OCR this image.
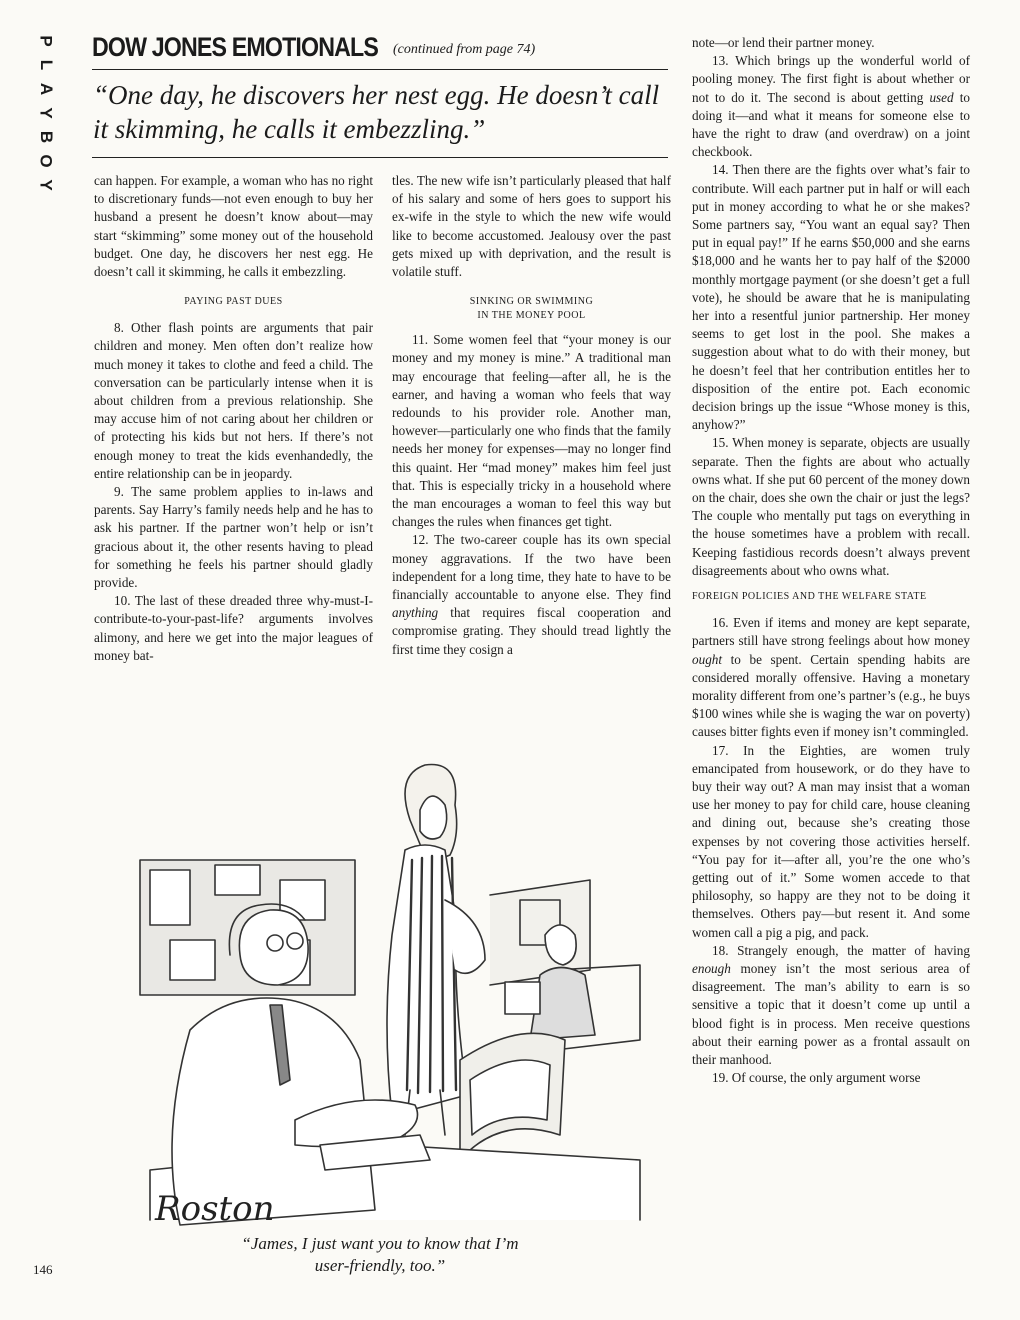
P
L
A
Y
B
O
Y
DOW JONES EMOTIONALS (continued from page 74)
“One day, he discovers her nest egg. He doesn’t call
it skimming, he calls it embezzling.”

can happen. For example, a woman who has no right to discretionary funds—not even enough to buy her husband a present he doesn’t know about—may start “skimming” some money out of the household budget. One day, he discovers her nest egg. He doesn’t call it skimming, he calls it embezzling.

PAYING PAST DUES

8. Other flash points are arguments that pair children and money. Men often don’t realize how much money it takes to clothe and feed a child. The conversation can be particularly intense when it is about children from a previous relationship. She may accuse him of not caring about her children or of protecting his kids but not hers. If there’s not enough money to treat the kids evenhandedly, the entire relationship can be in jeopardy.

9. The same problem applies to in-laws and parents. Say Harry’s family needs help and he has to ask his partner. If the partner won’t help or isn’t gracious about it, the other resents having to plead for something he feels his partner should gladly provide.

10. The last of these dreaded three why-must-I-contribute-to-your-past-life? arguments involves alimony, and here we get into the major leagues of money bat-

tles. The new wife isn’t particularly pleased that half of his salary and some of hers goes to support his ex-wife in the style to which the new wife would like to become accustomed. Jealousy over the past gets mixed up with deprivation, and the result is volatile stuff.

SINKING OR SWIMMING
IN THE MONEY POOL

11. Some women feel that “your money is our money and my money is mine.” A traditional man may encourage that feeling—after all, he is the earner, and having a woman who feels that way redounds to his provider role. Another man, however—particularly one who finds that the family needs her money for expenses—may no longer find this quaint. Her “mad money” makes him feel just that. This is especially tricky in a household where the man encourages a woman to feel this way but changes the rules when finances get tight.

12. The two-career couple has its own special money aggravations. If the two have been independent for a long time, they hate to have to be financially accountable to anyone else. They find anything that requires fiscal cooperation and compromise grating. They should tread lightly the first time they cosign a

note—or lend their partner money.

13. Which brings up the wonderful world of pooling money. The first fight is about whether or not to do it. The second is about getting used to doing it—and what it means for someone else to have the right to draw (and overdraw) on a joint checkbook.

14. Then there are the fights over what’s fair to contribute. Will each partner put in half or will each put in money according to what he or she makes? Some partners say, “You want an equal say? Then put in equal pay!” If he earns $50,000 and she earns $18,000 and he wants her to pay half of the $2000 monthly mortgage payment (or she doesn’t get a full vote), he should be aware that he is manipulating her into a resentful junior partnership. Her money seems to get lost in the pool. She makes a suggestion about what to do with their money, but he doesn’t feel that her contribution entitles her to disposition of the entire pot. Each economic decision brings up the issue “Whose money is this, anyhow?”

15. When money is separate, objects are usually separate. Then the fights are about who actually owns what. If she put 60 percent of the money down on the chair, does she own the chair or just the legs? The couple who mentally put tags on everything in the house sometimes have a problem with recall. Keeping fastidious records doesn’t always prevent disagreements about who owns what.

FOREIGN POLICIES AND THE WELFARE STATE

16. Even if items and money are kept separate, partners still have strong feelings about how money ought to be spent. Certain spending habits are considered morally offensive. Having a monetary morality different from one’s partner’s (e.g., he buys $100 wines while she is waging the war on poverty) causes bitter fights even if money isn’t commingled.

17. In the Eighties, are women truly emancipated from housework, or do they have to buy their way out? A man may insist that a woman use her money to pay for child care, house cleaning and dining out, because she’s creating those expenses by not covering those activities herself. “You pay for it—after all, you’re the one who’s getting out of it.” Some women accede to that philosophy, so happy are they not to be doing it themselves. Others pay—but resent it. And some women call a pig a pig, and pack.

18. Strangely enough, the matter of having enough money isn’t the most serious area of disagreement. The man’s ability to earn is so sensitive a topic that it doesn’t come up until a blood fight is in process. Men receive questions about their earning power as a frontal assault on their manhood.

19. Of course, the only argument worse

Roston
“James, I just want you to know that I’m
user-friendly, too.”
146
